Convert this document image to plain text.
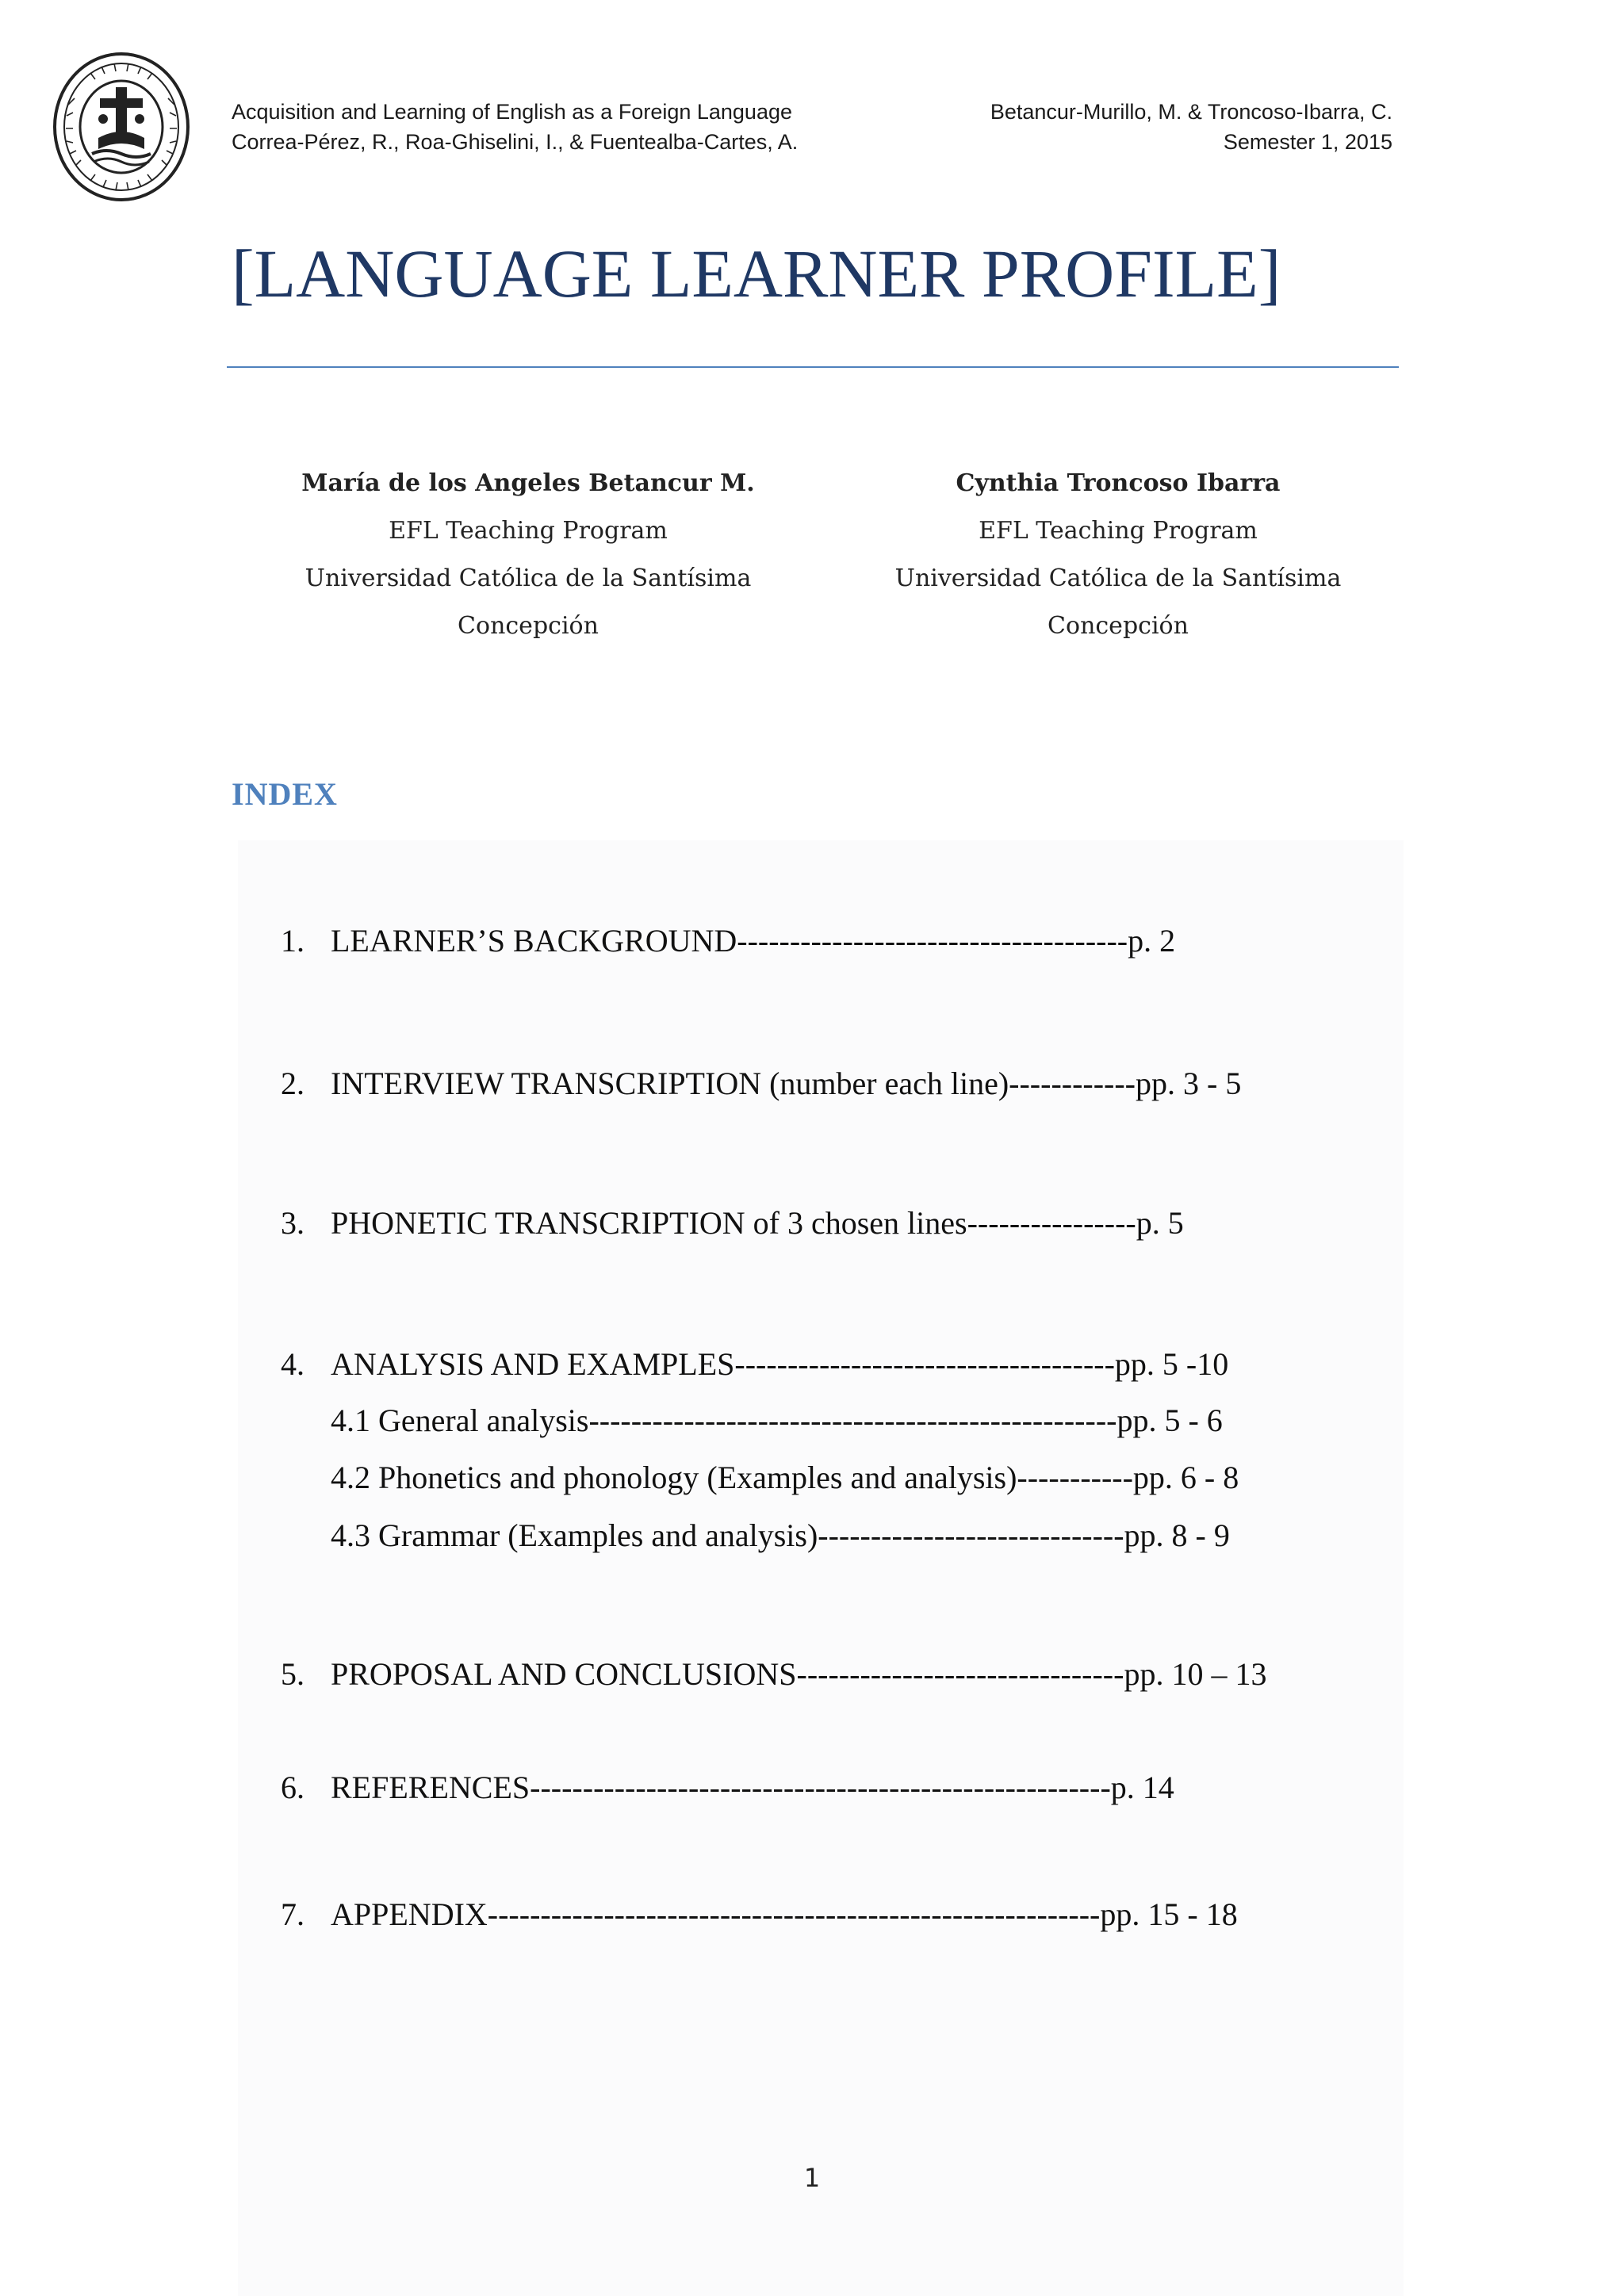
Acquisition and Learning of English as a Foreign Language
Correa-Pérez, R., Roa-Ghiselini, I., & Fuentealba-Cartes, A.
Betancur-Murillo, M. & Troncoso-Ibarra, C.
Semester 1, 2015
[LANGUAGE LEARNER PROFILE]
María de los Angeles Betancur M.
EFL Teaching Program
Universidad Católica de la Santísima
Concepción
Cynthia Troncoso Ibarra
EFL Teaching Program
Universidad Católica de la Santísima
Concepción
INDEX
1. LEARNER’S BACKGROUND-------------------------------------p. 2
2. INTERVIEW TRANSCRIPTION (number each line)------------pp. 3 - 5
3. PHONETIC TRANSCRIPTION of 3 chosen lines----------------p. 5
4. ANALYSIS AND EXAMPLES------------------------------------pp. 5 -10
4.1 General analysis--------------------------------------------------pp. 5 - 6
4.2 Phonetics and phonology (Examples and analysis)-----------pp. 6 - 8
4.3 Grammar (Examples and analysis)-----------------------------pp. 8 - 9
5. PROPOSAL AND CONCLUSIONS-------------------------------pp. 10 – 13
6. REFERENCES-------------------------------------------------------p. 14
7. APPENDIX----------------------------------------------------------pp. 15 - 18
1
